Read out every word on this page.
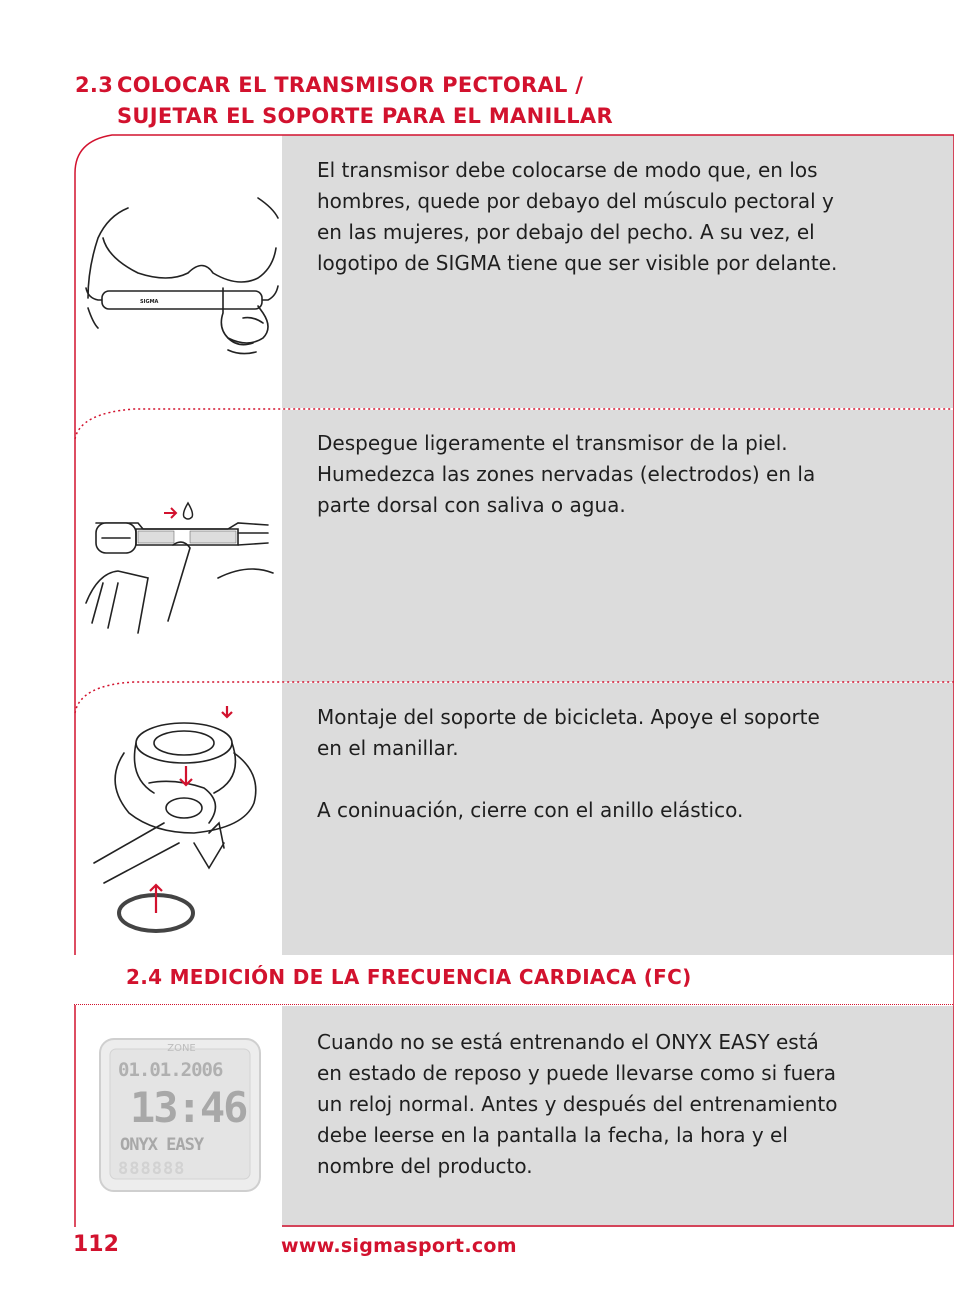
2.3 COLOCAR EL TRANSMISOR PECTORAL /
SUJETAR EL SOPORTE PARA EL MANILLAR
El transmisor debe colocarse de modo que, en los hombres, quede por debayo del músculo pectoral y en las mujeres, por debajo del pecho. A su vez, el logotipo de SIGMA tiene que ser visible por delante.
Despegue ligeramente el transmisor de la piel. Humedezca las zones nervadas (electrodos) en la parte dorsal con saliva o agua.
Montaje del soporte de bicicleta. Apoye el soporte en el manillar.

A coninuación, cierre con el anillo elástico.
SIGMA
2.4 MEDICIÓN DE LA FRECUENCIA CARDIACA (FC)
Cuando no se está entrenando el ONYX EASY está en estado de reposo y puede llevarse como si fuera un reloj normal. Antes y después del entrenamiento debe leerse en la pantalla la fecha, la hora y el nombre del producto.
ZONE
01.01.2006
13:46
ONYX EASY
888888
112	www.sigmasport.com
